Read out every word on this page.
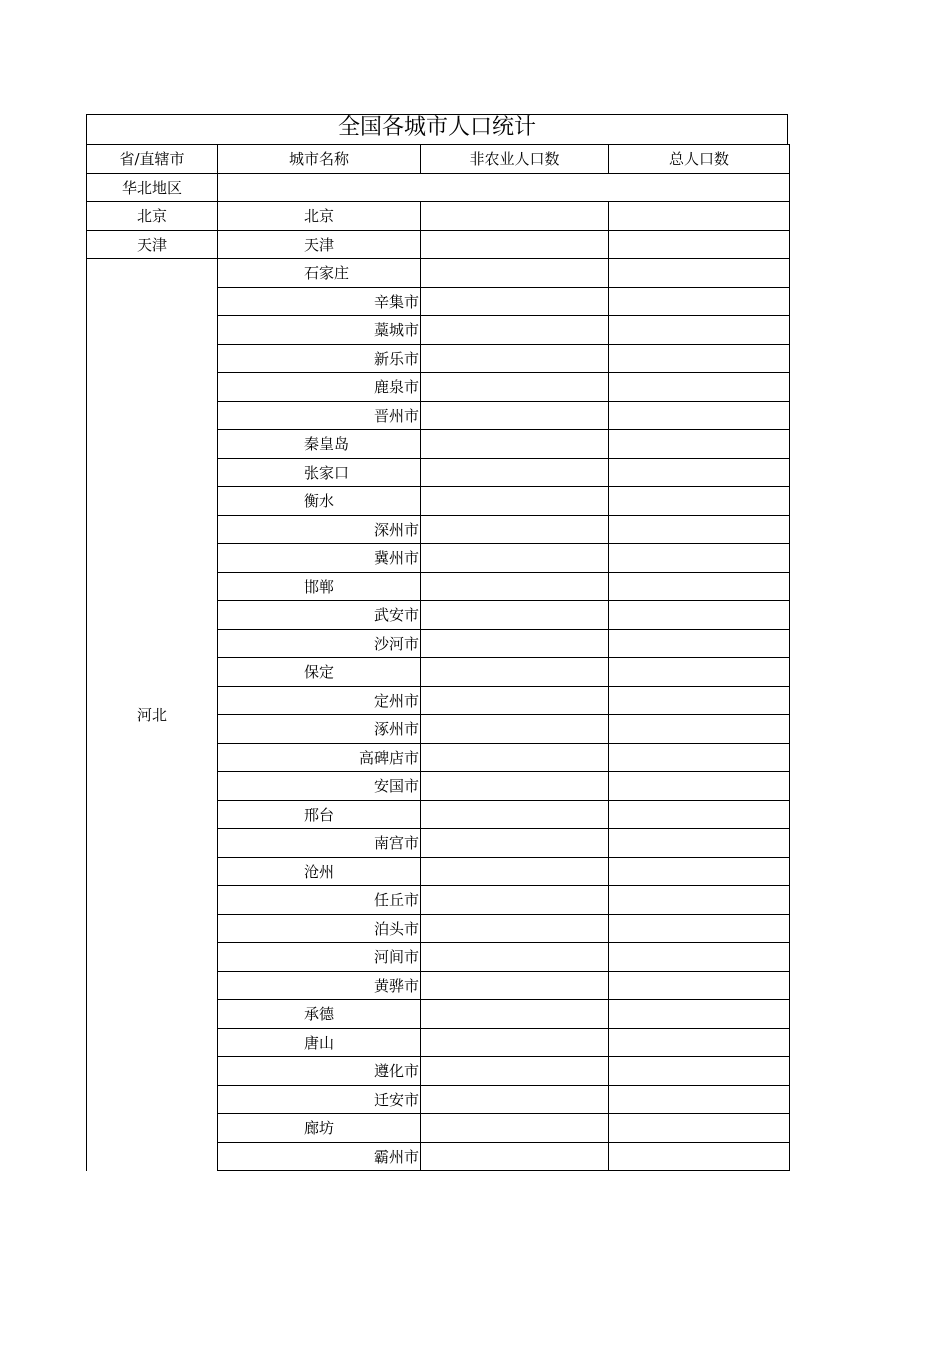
全国各城市人口统计
省/直辖市	城市名称	非农业人口数	总人口数
华北地区			
北京	北京		
天津	天津		
河北	石家庄		
	辛集市		
	藁城市		
	新乐市		
	鹿泉市		
	晋州市		
	秦皇岛		
	张家口		
	衡水		
	深州市		
	冀州市		
	邯郸		
	武安市		
	沙河市		
	保定		
	定州市		
	涿州市		
	高碑店市		
	安国市		
	邢台		
	南宫市		
	沧州		
	任丘市		
	泊头市		
	河间市		
	黄骅市		
	承德		
	唐山		
	遵化市		
	迁安市		
	廊坊		
	霸州市		
